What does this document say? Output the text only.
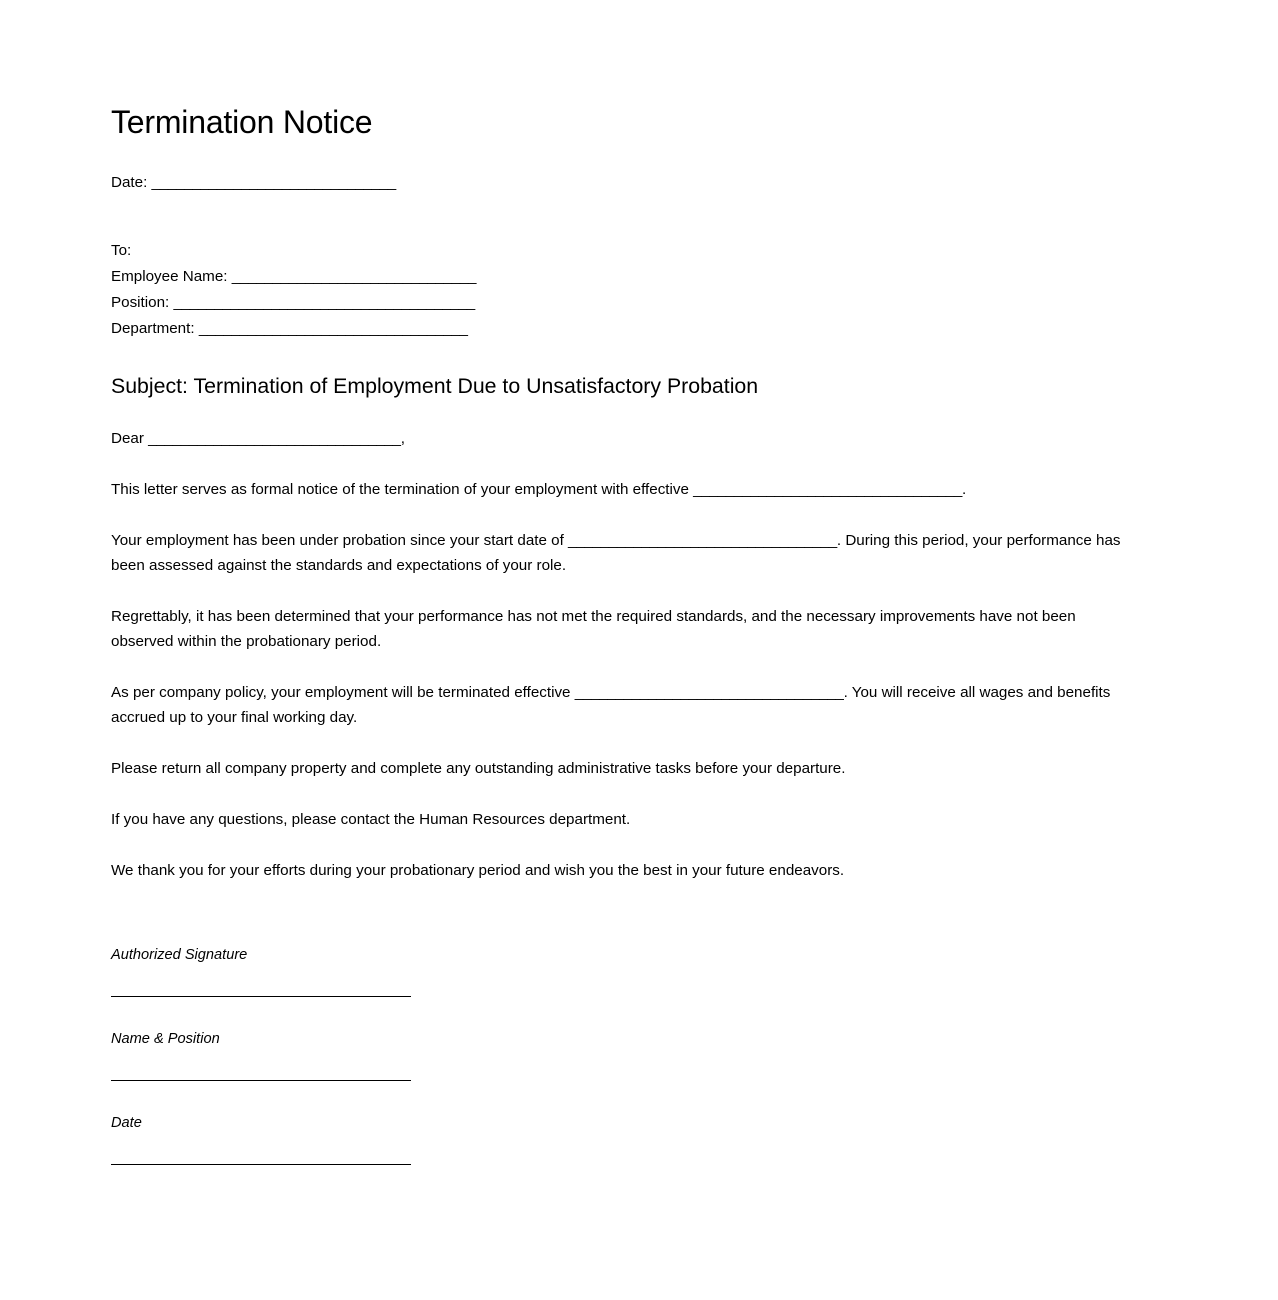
Termination Notice
Date: ______________________________
To:
Employee Name: ______________________________
Position: _____________________________________
Department: _________________________________
Subject: Termination of Employment Due to Unsatisfactory Probation

Dear _______________________________,

This letter serves as formal notice of the termination of your employment with effective _________________________________.

Your employment has been under probation since your start date of _________________________________. During this period, your performance has been assessed against the standards and expectations of your role.

Regrettably, it has been determined that your performance has not met the required standards, and the necessary improvements have not been observed within the probationary period.

As per company policy, your employment will be terminated effective _________________________________. You will receive all wages and benefits accrued up to your final working day.

Please return all company property and complete any outstanding administrative tasks before your departure.

If you have any questions, please contact the Human Resources department.

We thank you for your efforts during your probationary period and wish you the best in your future endeavors.

Authorized Signature

Name & Position

Date
